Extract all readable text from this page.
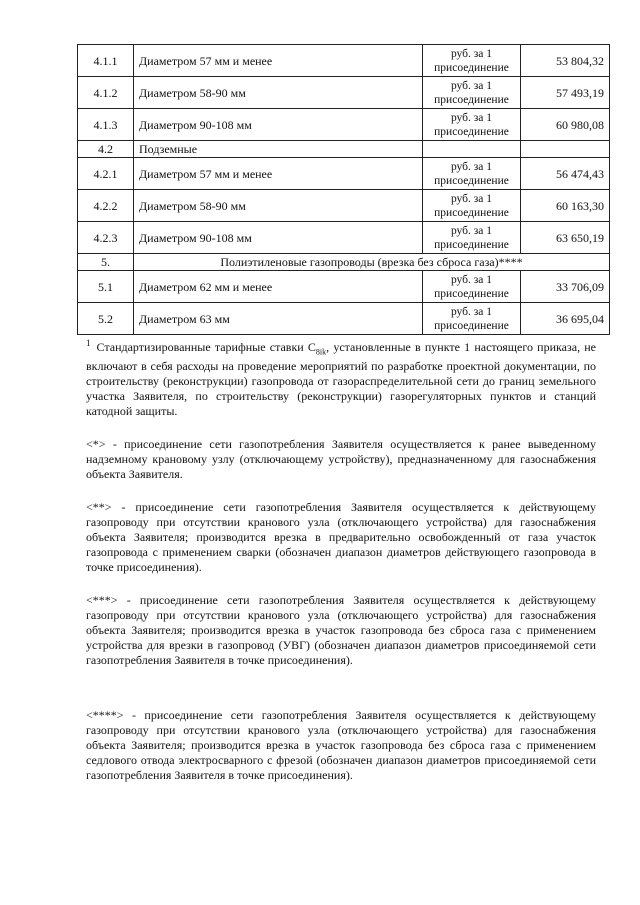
4.1.1	Диаметром 57 мм и менее	руб. за 1 присоединение	53 804,32
4.1.2	Диаметром 58-90 мм	руб. за 1 присоединение	57 493,19
4.1.3	Диаметром 90-108 мм	руб. за 1 присоединение	60 980,08
4.2	Подземные		
4.2.1	Диаметром 57 мм и менее	руб. за 1 присоединение	56 474,43
4.2.2	Диаметром 58-90 мм	руб. за 1 присоединение	60 163,30
4.2.3	Диаметром 90-108 мм	руб. за 1 присоединение	63 650,19
5.	Полиэтиленовые газопроводы (врезка без сброса газа)****		
5.1	Диаметром 62 мм и менее	руб. за 1 присоединение	33 706,09
5.2	Диаметром 63 мм	руб. за 1 присоединение	36 695,04

$^1$ Стандартизированные тарифные ставки $С_{8ik}$, установленные в пункте 1 настоящего приказа, не включают в себя расходы на проведение мероприятий по разработке проектной документации, по строительству (реконструкции) газопровода от газораспределительной сети до границ земельного участка Заявителя, по строительству (реконструкции) газорегуляторных пунктов и станций катодной защиты.

<*> - присоединение сети газопотребления Заявителя осуществляется к ранее выведенному надземному крановому узлу (отключающему устройству), предназначенному для газоснабжения объекта Заявителя.

<**> - присоединение сети газопотребления Заявителя осуществляется к действующему газопроводу при отсутствии кранового узла (отключающего устройства) для газоснабжения объекта Заявителя; производится врезка в предварительно освобожденный от газа участок газопровода с применением сварки (обозначен диапазон диаметров действующего газопровода в точке присоединения).

<***> - присоединение сети газопотребления Заявителя осуществляется к действующему газопроводу при отсутствии кранового узла (отключающего устройства) для газоснабжения объекта Заявителя; производится врезка в участок газопровода без сброса газа с применением устройства для врезки в газопровод (УВГ) (обозначен диапазон диаметров присоединяемой сети газопотребления Заявителя в точке присоединения).

<****> - присоединение сети газопотребления Заявителя осуществляется к действующему газопроводу при отсутствии кранового узла (отключающего устройства) для газоснабжения объекта Заявителя; производится врезка в участок газопровода без сброса газа с применением седлового отвода электросварного с фрезой (обозначен диапазон диаметров присоединяемой сети газопотребления Заявителя в точке присоединения).
